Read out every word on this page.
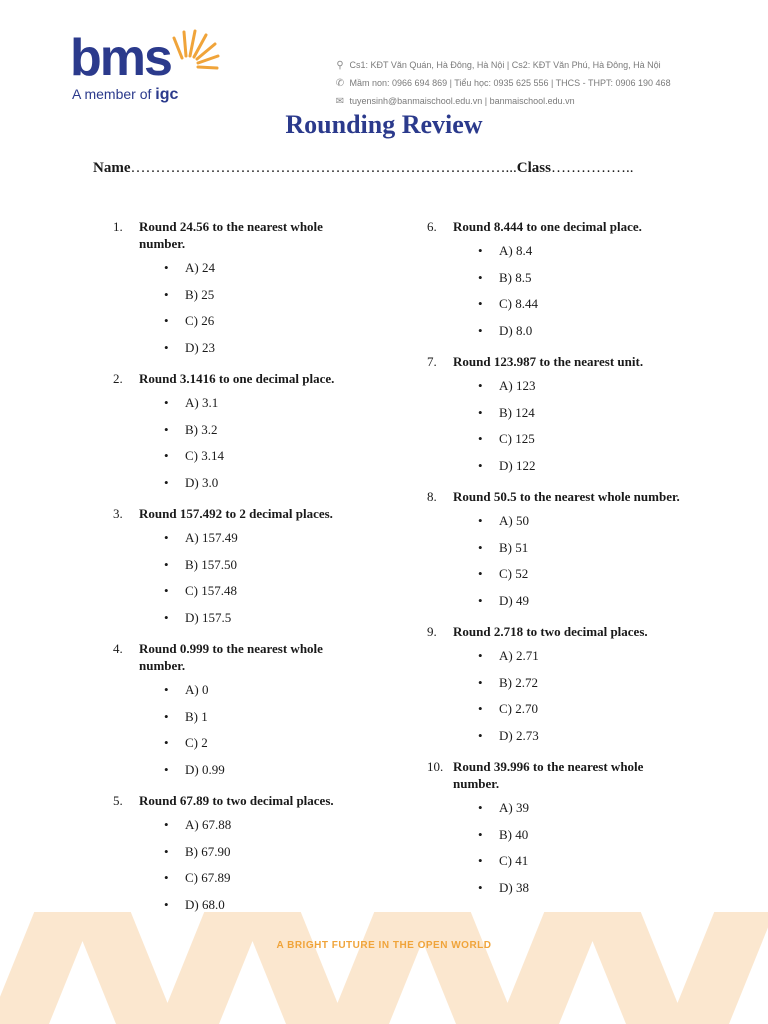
bms
A member of igc
⚲ Cs1: KĐT Văn Quán, Hà Đông, Hà Nội | Cs2: KĐT Văn Phú, Hà Đông, Hà Nội
✆ Mầm non: 0966 694 869 | Tiểu học: 0935 625 556 | THCS - THPT: 0906 190 468
✉ tuyensinh@banmaischool.edu.vn | banmaischool.edu.vn
Rounding Review
Name…………………………………………………………………...Class……………..
1.	Round 24.56 to the nearest whole number.
• A) 24
• B) 25
• C) 26
• D) 23
2.	Round 3.1416 to one decimal place.
• A) 3.1
• B) 3.2
• C) 3.14
• D) 3.0
3.	Round 157.492 to 2 decimal places.
• A) 157.49
• B) 157.50
• C) 157.48
• D) 157.5
4.	Round 0.999 to the nearest whole number.
• A) 0
• B) 1
• C) 2
• D) 0.99
5.	Round 67.89 to two decimal places.
• A) 67.88
• B) 67.90
• C) 67.89
• D) 68.0
6.	Round 8.444 to one decimal place.
• A) 8.4
• B) 8.5
• C) 8.44
• D) 8.0
7.	Round 123.987 to the nearest unit.
• A) 123
• B) 124
• C) 125
• D) 122
8.	Round 50.5 to the nearest whole number.
• A) 50
• B) 51
• C) 52
• D) 49
9.	Round 2.718 to two decimal places.
• A) 2.71
• B) 2.72
• C) 2.70
• D) 2.73
10. Round 39.996 to the nearest whole number.
• A) 39
• B) 40
• C) 41
• D) 38
A BRIGHT FUTURE IN THE OPEN WORLD
